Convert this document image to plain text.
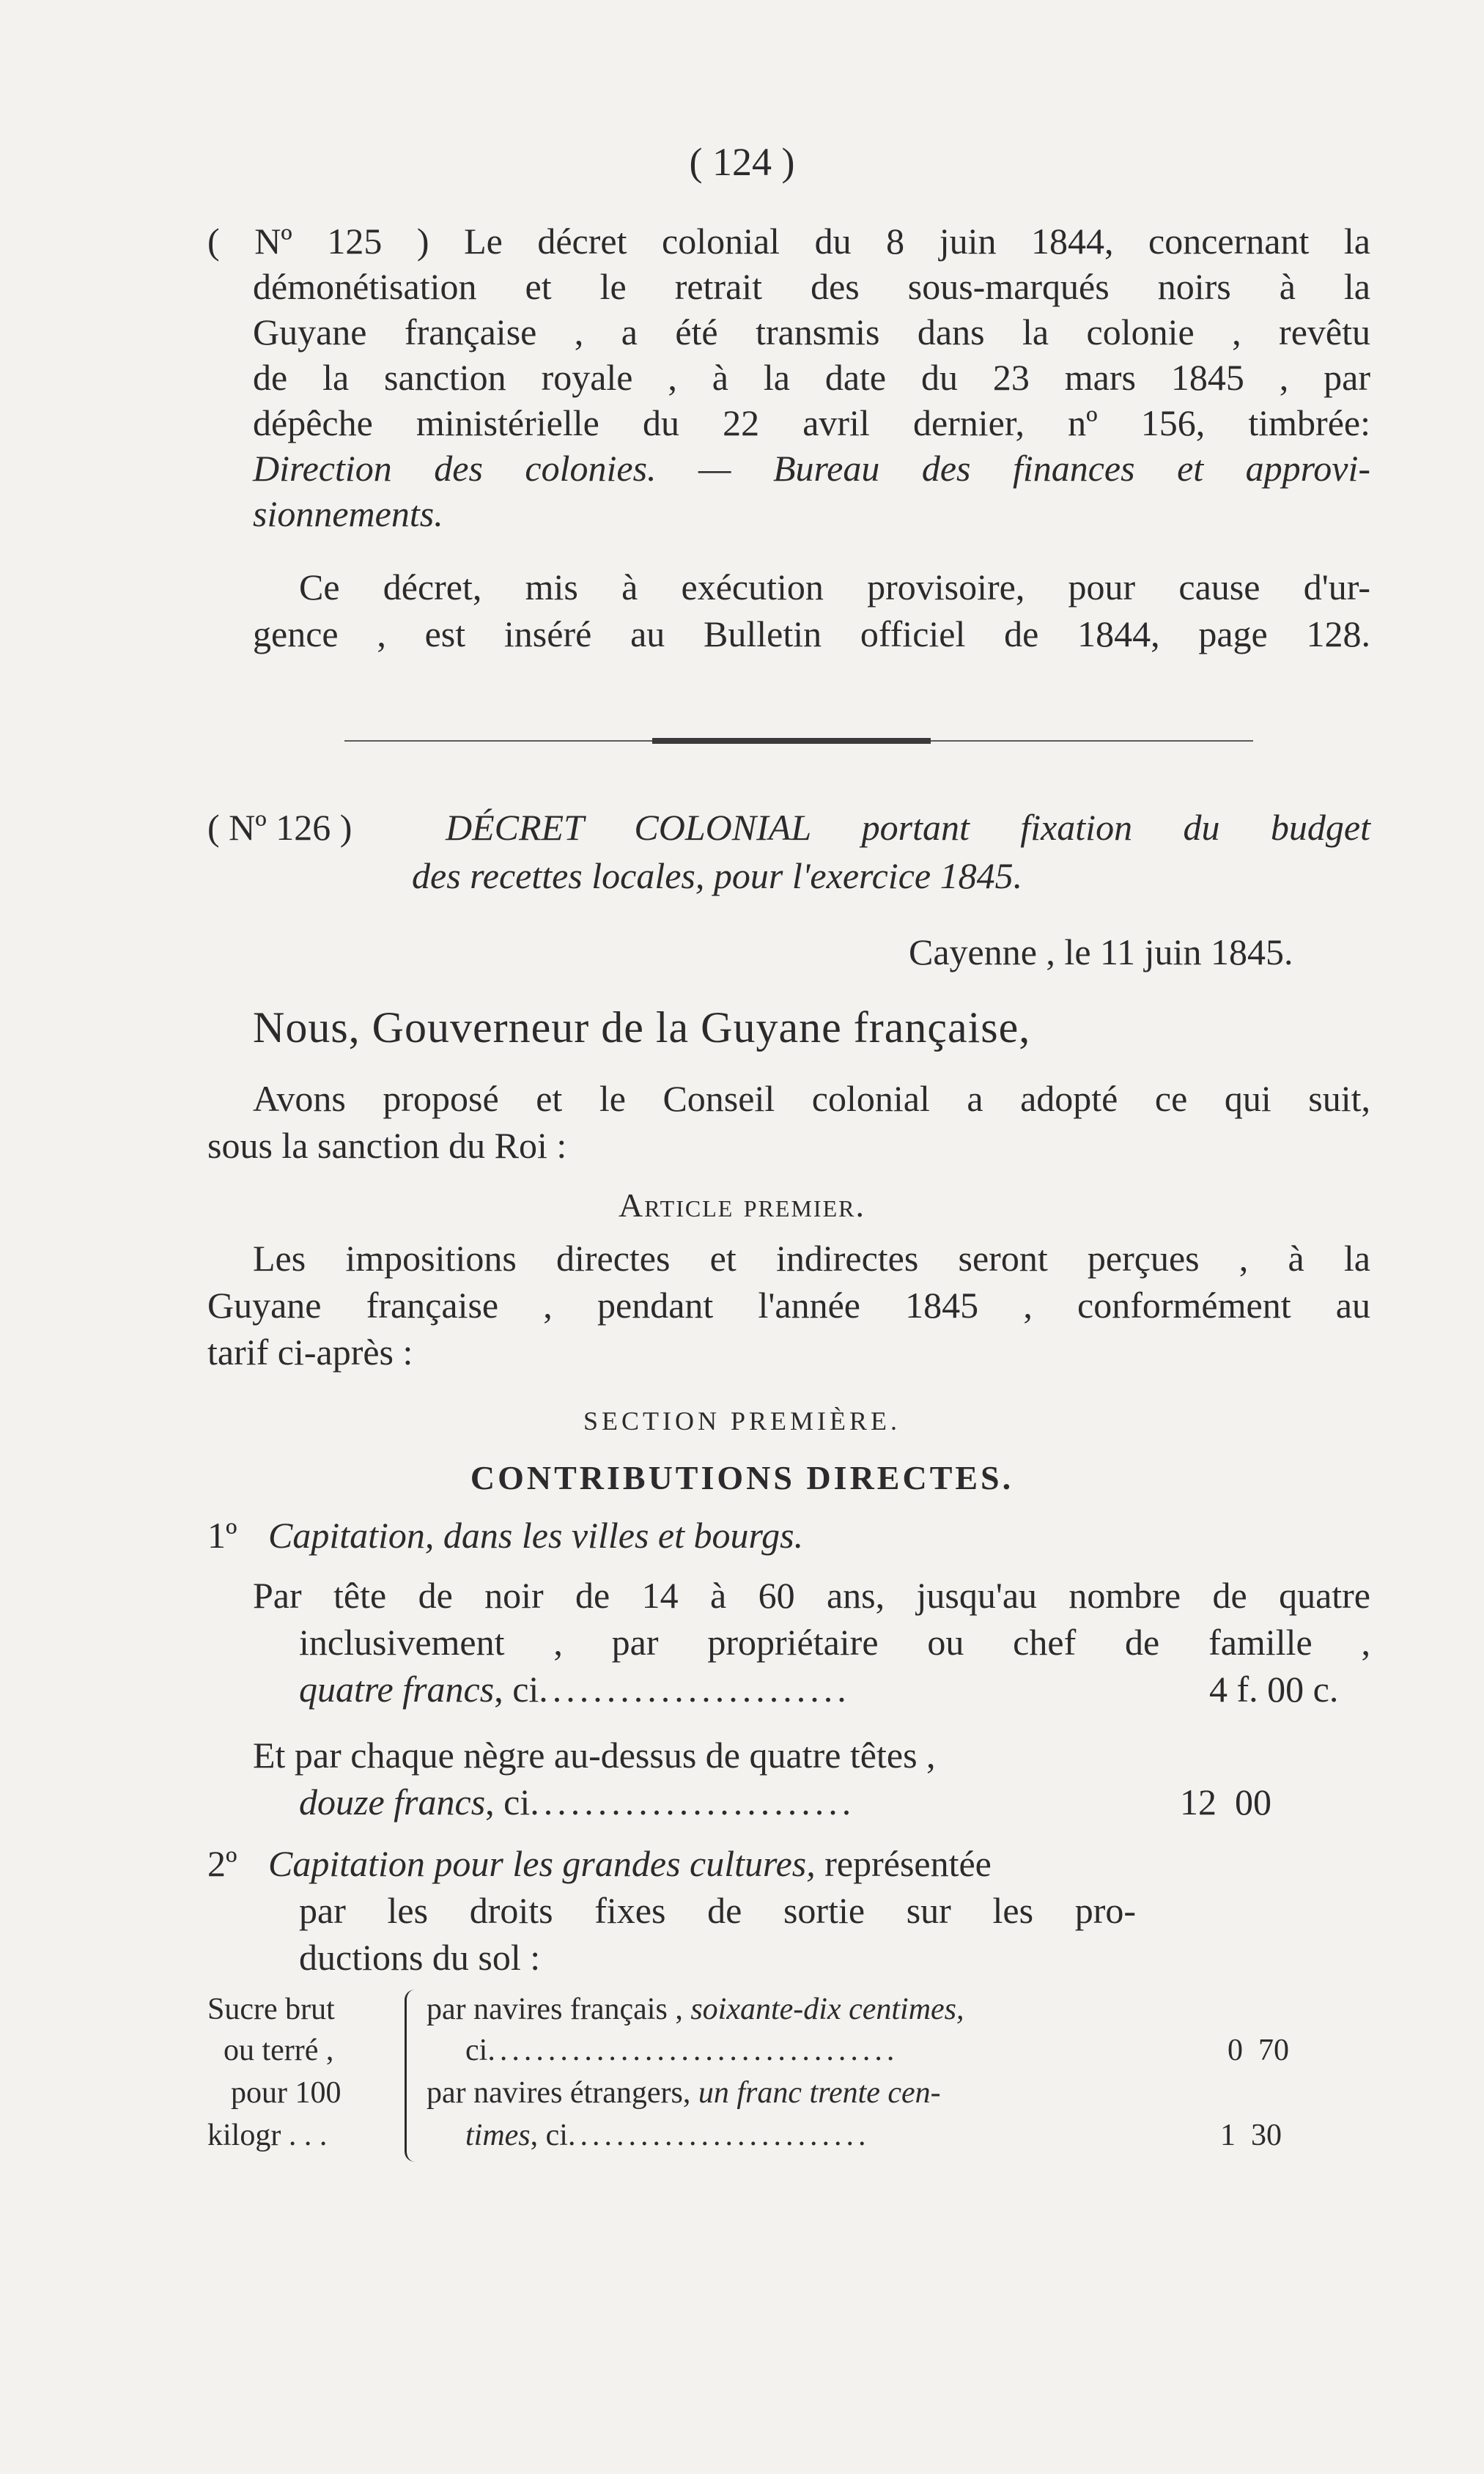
( 124 )
( Nº 125 ) Le décret colonial du 8 juin 1844, concernant la
démonétisation et le retrait des sous-marqués noirs à la
Guyane française , a été transmis dans la colonie , revêtu
de la sanction royale , à la date du 23 mars 1845 , par
dépêche ministérielle du 22 avril dernier, nº 156, timbrée:
Direction des colonies. — Bureau des finances et approvi-
sionnements.
Ce décret, mis à exécution provisoire, pour cause d'ur-
gence , est inséré au Bulletin officiel de 1844, page 128.
( Nº 126 )	DÉCRET COLONIAL portant fixation du budget
des recettes locales, pour l'exercice 1845.
Cayenne , le 11 juin 1845.
Nous, Gouverneur de la Guyane française,
Avons proposé et le Conseil colonial a adopté ce qui suit,
sous la sanction du Roi :
Article premier.
Les impositions directes et indirectes seront perçues , à la
Guyane française , pendant l'année 1845 , conformément au
tarif ci-après :
SECTION PREMIÈRE.
CONTRIBUTIONS DIRECTES.
1º Capitation, dans les villes et bourgs.
Par tête de noir de 14 à 60 ans, jusqu'au nombre de quatre
inclusivement , par propriétaire ou chef de famille ,
quatre francs, ci.......................	4 f. 00 c.
Et par chaque nègre au-dessus de quatre têtes ,
douze francs, ci........................	12  00
2º Capitation pour les grandes cultures, représentée
par les droits fixes de sortie sur les pro-
ductions du sol :
Sucre brut
ou terré ,
pour 100
kilogr . . .
par navires français , soixante-dix centimes,
ci..................................	0  70
par navires étrangers, un franc trente cen-
times, ci.........................	1  30
